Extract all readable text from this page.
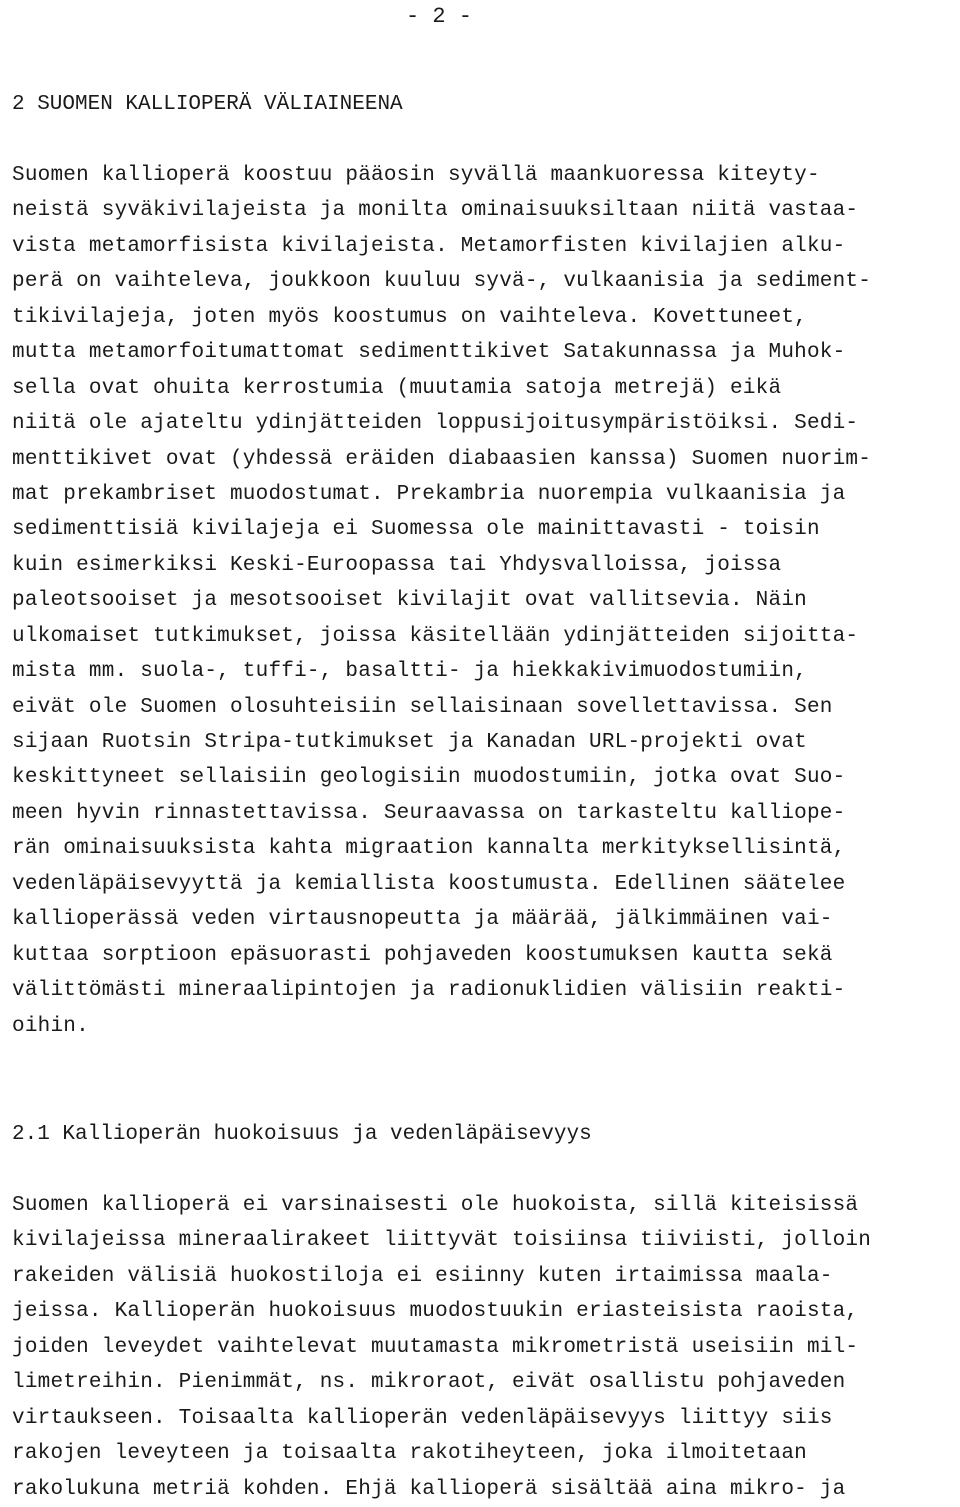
- 2 -
2 SUOMEN KALLIOPERÄ VÄLIAINEENA
Suomen kallioperä koostuu pääosin syvällä maankuoressa kiteyty-
neistä syväkivilajeista ja monilta ominaisuuksiltaan niitä vastaa-
vista metamorfisista kivilajeista. Metamorfisten kivilajien alku-
perä on vaihteleva, joukkoon kuuluu syvä-, vulkaanisia ja sediment-
tikivilajeja, joten myös koostumus on vaihteleva. Kovettuneet,
mutta metamorfoitumattomat sedimenttikivet Satakunnassa ja Muhok-
sella ovat ohuita kerrostumia (muutamia satoja metrejä) eikä
niitä ole ajateltu ydinjätteiden loppusijoitusympäristöiksi. Sedi-
menttikivet ovat (yhdessä eräiden diabaasien kanssa) Suomen nuorim-
mat prekambriset muodostumat. Prekambria nuorempia vulkaanisia ja
sedimenttisiä kivilajeja ei Suomessa ole mainittavasti - toisin
kuin esimerkiksi Keski-Euroopassa tai Yhdysvalloissa, joissa
paleotsooiset ja mesotsooiset kivilajit ovat vallitsevia. Näin
ulkomaiset tutkimukset, joissa käsitellään ydinjätteiden sijoitta-
mista mm. suola-, tuffi-, basaltti- ja hiekkakivimuodostumiin,
eivät ole Suomen olosuhteisiin sellaisinaan sovellettavissa. Sen
sijaan Ruotsin Stripa-tutkimukset ja Kanadan URL-projekti ovat
keskittyneet sellaisiin geologisiin muodostumiin, jotka ovat Suo-
meen hyvin rinnastettavissa. Seuraavassa on tarkasteltu kalliope-
rän ominaisuuksista kahta migraation kannalta merkityksellisintä,
vedenläpäisevyyttä ja kemiallista koostumusta. Edellinen säätelee
kallioperässä veden virtausnopeutta ja määrää, jälkimmäinen vai-
kuttaa sorptioon epäsuorasti pohjaveden koostumuksen kautta sekä
välittömästi mineraalipintojen ja radionuklidien välisiin reakti-
oihin.
2.1 Kallioperän huokoisuus ja vedenläpäisevyys
Suomen kallioperä ei varsinaisesti ole huokoista, sillä kiteisissä
kivilajeissa mineraalirakeet liittyvät toisiinsa tiiviisti, jolloin
rakeiden välisiä huokostiloja ei esiinny kuten irtaimissa maala-
jeissa. Kallioperän huokoisuus muodostuukin eriasteisista raoista,
joiden leveydet vaihtelevat muutamasta mikrometristä useisiin mil-
limetreihin. Pienimmät, ns. mikroraot, eivät osallistu pohjaveden
virtaukseen. Toisaalta kallioperän vedenläpäisevyys liittyy siis
rakojen leveyteen ja toisaalta rakotiheyteen, joka ilmoitetaan
rakolukuna metriä kohden. Ehjä kallioperä sisältää aina mikro- ja
